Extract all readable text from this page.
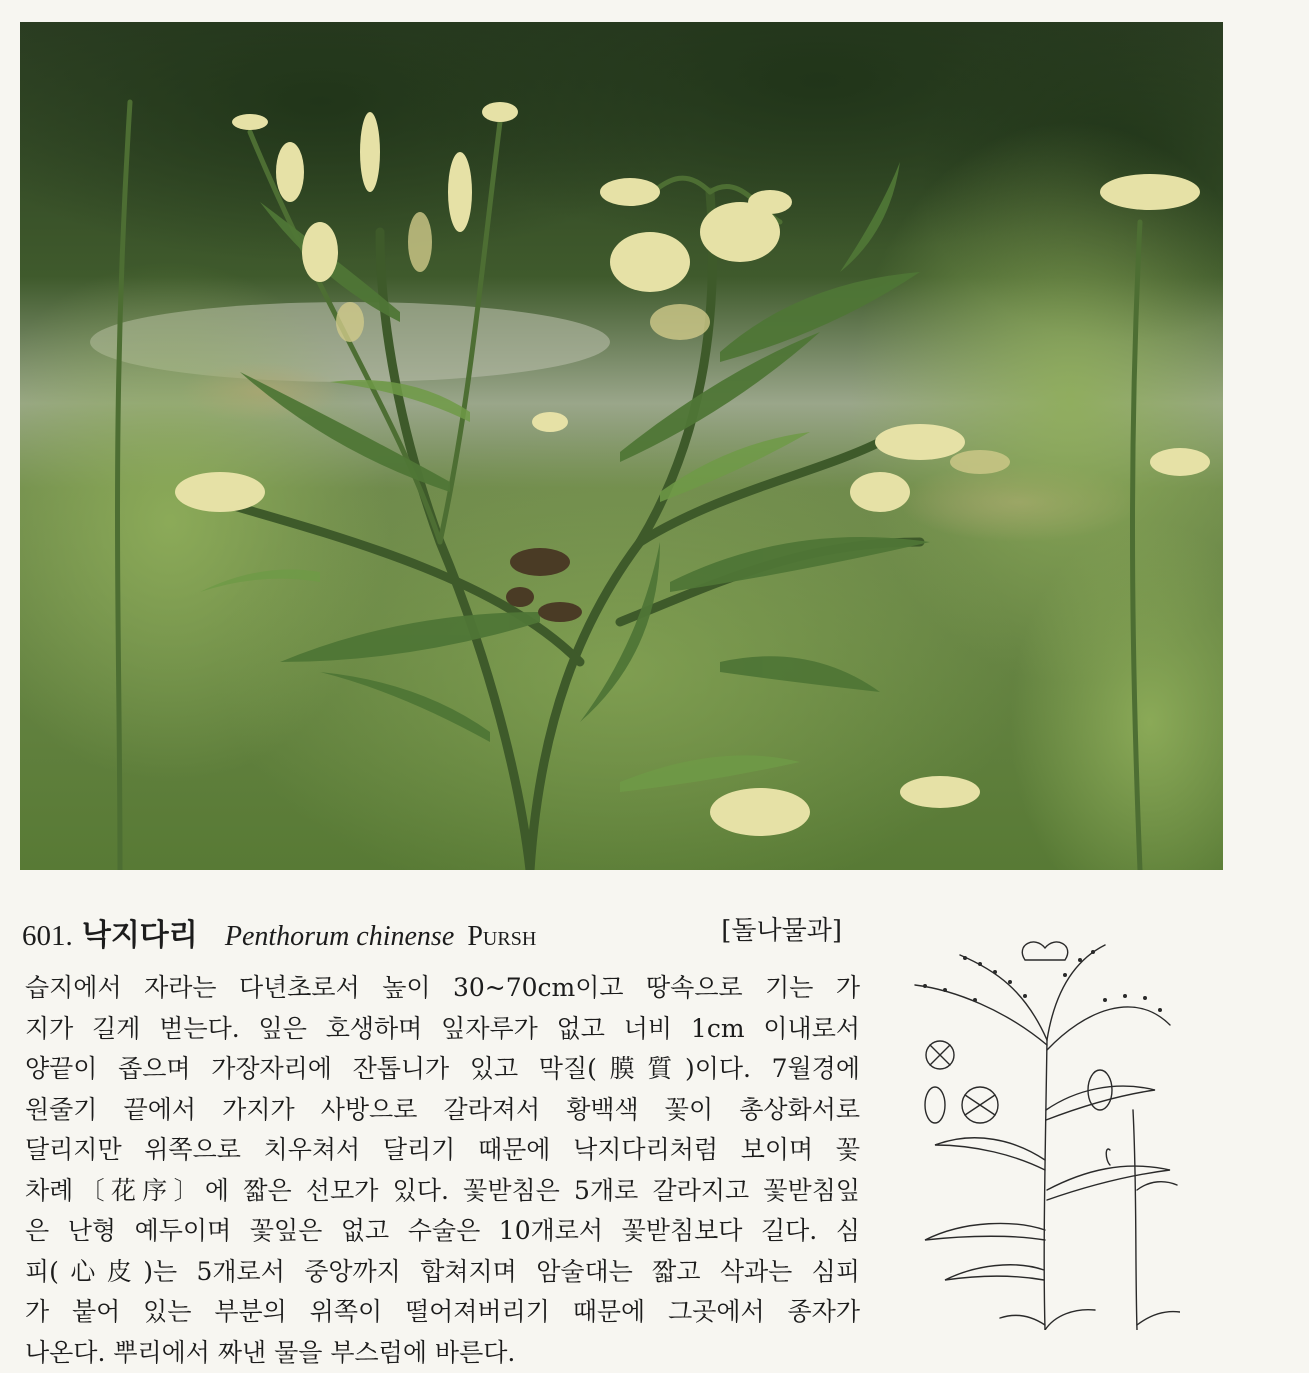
601. 낙지다리 Penthorum chinense Pursh	[돌나물과]
습지에서 자라는 다년초로서 높이 30~70cm이고 땅속으로 기는 가
지가 길게 벋는다. 잎은 호생하며 잎자루가 없고 너비 1cm 이내로서
양끝이 좁으며 가장자리에 잔톱니가 있고 막질(膜質)이다. 7월경에
원줄기 끝에서 가지가 사방으로 갈라져서 황백색 꽃이 총상화서로
달리지만 위쪽으로 치우쳐서 달리기 때문에 낙지다리처럼 보이며 꽃
차례〔花序〕에 짧은 선모가 있다. 꽃받침은 5개로 갈라지고 꽃받침잎
은 난형 예두이며 꽃잎은 없고 수술은 10개로서 꽃받침보다 길다. 심
피(心皮)는 5개로서 중앙까지 합쳐지며 암술대는 짧고 삭과는 심피
가 붙어 있는 부분의 위쪽이 떨어져버리기 때문에 그곳에서 종자가
나온다. 뿌리에서 짜낸 물을 부스럼에 바른다.
